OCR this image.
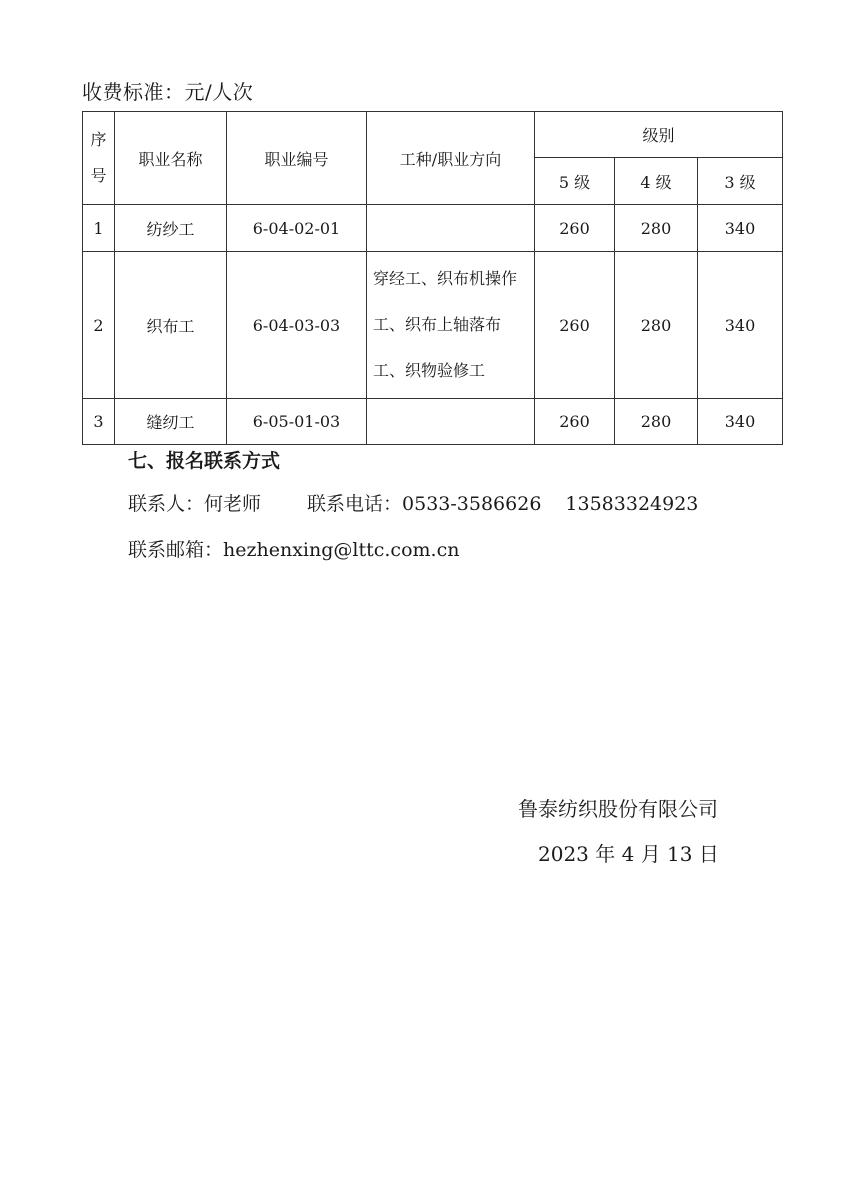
收费标准：元/人次
序
号	职业名称	职业编号	工种/职业方向	级别		
				5 级	4 级	3 级
1	纺纱工	6-04-02-01		260	280	340
2	织布工	6-04-03-03	穿经工、织布机操作工、织布上轴落布工、织物验修工	260	280	340
3	缝纫工	6-05-01-03		260	280	340
七、报名联系方式
联系人：何老师 联系电话：0533-3586626 13583324923
联系邮箱：hezhenxing@lttc.com.cn
鲁泰纺织股份有限公司
2023 年 4 月 13 日
